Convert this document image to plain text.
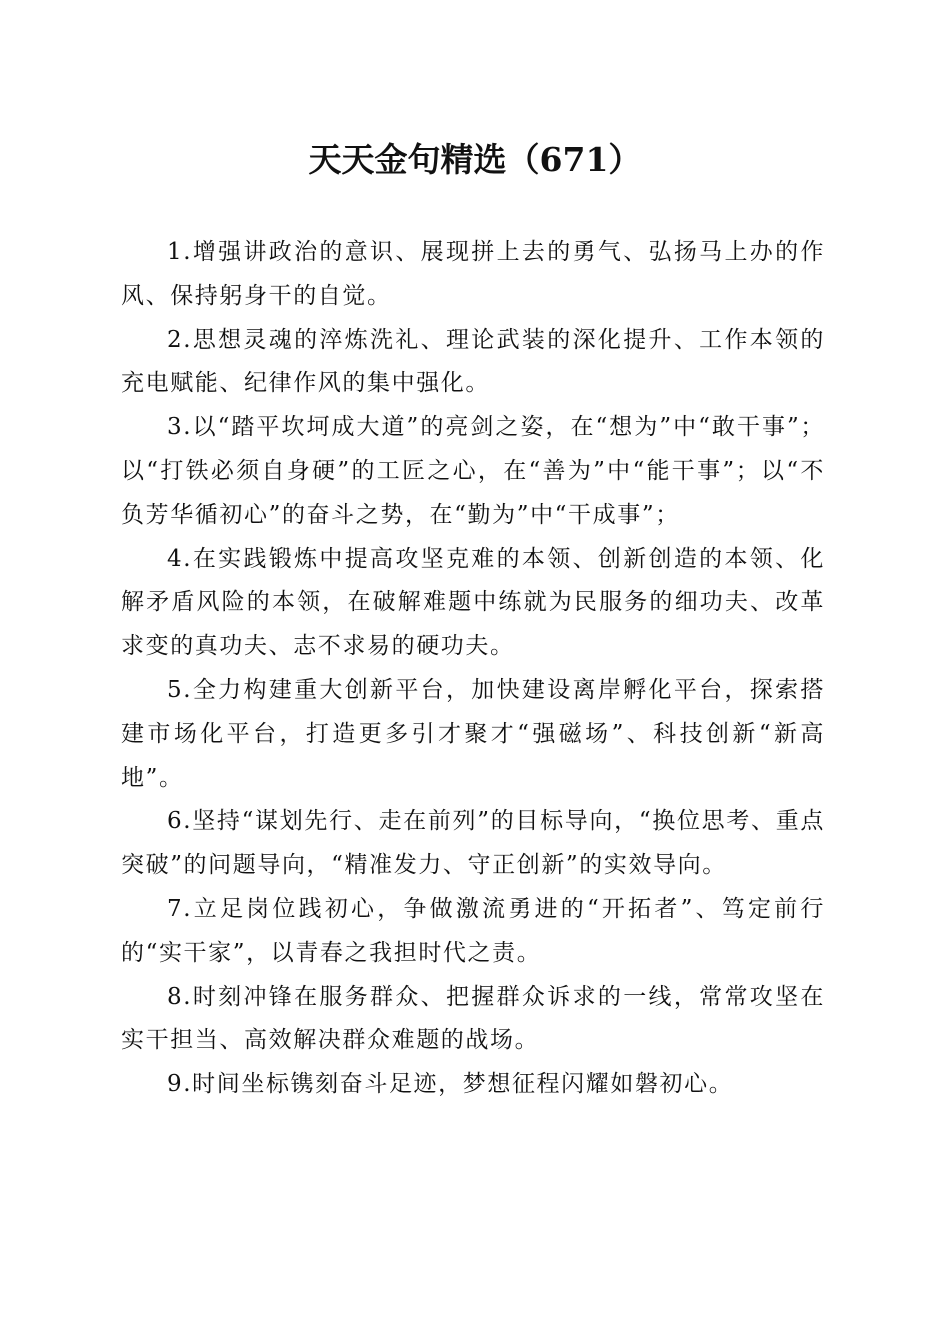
天天金句精选（671）

1.增强讲政治的意识、展现拼上去的勇气、弘扬马上办的作风、保持躬身干的自觉。

2.思想灵魂的淬炼洗礼、理论武装的深化提升、工作本领的充电赋能、纪律作风的集中强化。

3.以“踏平坎坷成大道”的亮剑之姿，在“想为”中“敢干事”；以“打铁必须自身硬”的工匠之心，在“善为”中“能干事”；以“不负芳华循初心”的奋斗之势，在“勤为”中“干成事”；

4.在实践锻炼中提高攻坚克难的本领、创新创造的本领、化解矛盾风险的本领，在破解难题中练就为民服务的细功夫、改革求变的真功夫、志不求易的硬功夫。

5.全力构建重大创新平台，加快建设离岸孵化平台，探索搭建市场化平台，打造更多引才聚才“强磁场”、科技创新“新高地”。

6.坚持“谋划先行、走在前列”的目标导向，“换位思考、重点突破”的问题导向，“精准发力、守正创新”的实效导向。

7.立足岗位践初心，争做激流勇进的“开拓者”、笃定前行的“实干家”，以青春之我担时代之责。

8.时刻冲锋在服务群众、把握群众诉求的一线，常常攻坚在实干担当、高效解决群众难题的战场。

9.时间坐标镌刻奋斗足迹，梦想征程闪耀如磐初心。
